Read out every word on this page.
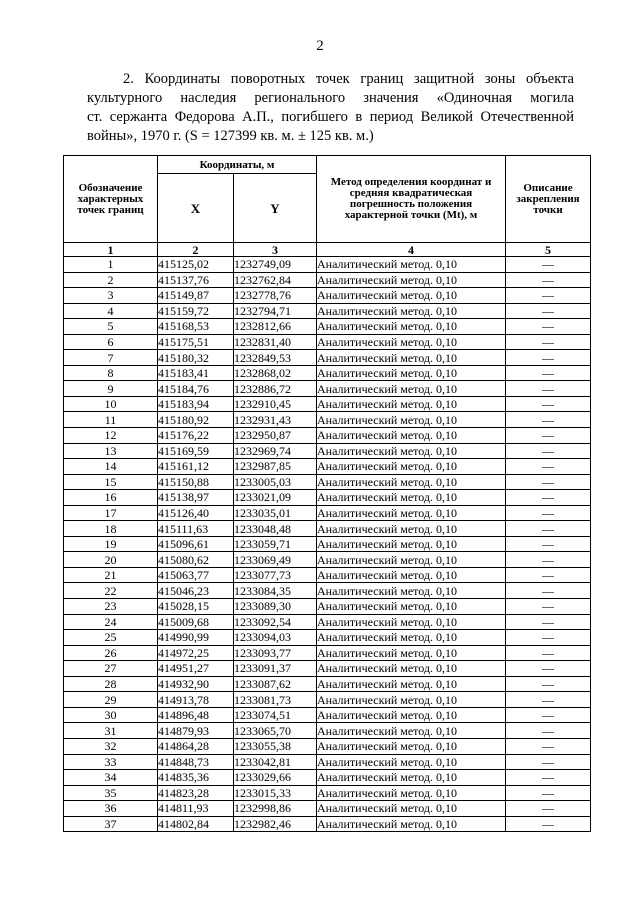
2
2. Координаты поворотных точек границ защитной зоны объекта
культурного наследия регионального значения «Одиночная могила
ст. сержанта Федорова А.П., погибшего в период Великой Отечественной
войны», 1970 г. (S = 127399 кв. м. ± 125 кв. м.)
Обозначение характерных точек границ	Координаты, м		Метод определения координат и средняя квадратическая погрешность положения характерной точки (Mt), м	Описание закрепления точки
	X	Y		
1	2	3	4	5
1	415125,02	1232749,09	Аналитический метод. 0,10	—
2	415137,76	1232762,84	Аналитический метод. 0,10	—
3	415149,87	1232778,76	Аналитический метод. 0,10	—
4	415159,72	1232794,71	Аналитический метод. 0,10	—
5	415168,53	1232812,66	Аналитический метод. 0,10	—
6	415175,51	1232831,40	Аналитический метод. 0,10	—
7	415180,32	1232849,53	Аналитический метод. 0,10	—
8	415183,41	1232868,02	Аналитический метод. 0,10	—
9	415184,76	1232886,72	Аналитический метод. 0,10	—
10	415183,94	1232910,45	Аналитический метод. 0,10	—
11	415180,92	1232931,43	Аналитический метод. 0,10	—
12	415176,22	1232950,87	Аналитический метод. 0,10	—
13	415169,59	1232969,74	Аналитический метод. 0,10	—
14	415161,12	1232987,85	Аналитический метод. 0,10	—
15	415150,88	1233005,03	Аналитический метод. 0,10	—
16	415138,97	1233021,09	Аналитический метод. 0,10	—
17	415126,40	1233035,01	Аналитический метод. 0,10	—
18	415111,63	1233048,48	Аналитический метод. 0,10	—
19	415096,61	1233059,71	Аналитический метод. 0,10	—
20	415080,62	1233069,49	Аналитический метод. 0,10	—
21	415063,77	1233077,73	Аналитический метод. 0,10	—
22	415046,23	1233084,35	Аналитический метод. 0,10	—
23	415028,15	1233089,30	Аналитический метод. 0,10	—
24	415009,68	1233092,54	Аналитический метод. 0,10	—
25	414990,99	1233094,03	Аналитический метод. 0,10	—
26	414972,25	1233093,77	Аналитический метод. 0,10	—
27	414951,27	1233091,37	Аналитический метод. 0,10	—
28	414932,90	1233087,62	Аналитический метод. 0,10	—
29	414913,78	1233081,73	Аналитический метод. 0,10	—
30	414896,48	1233074,51	Аналитический метод. 0,10	—
31	414879,93	1233065,70	Аналитический метод. 0,10	—
32	414864,28	1233055,38	Аналитический метод. 0,10	—
33	414848,73	1233042,81	Аналитический метод. 0,10	—
34	414835,36	1233029,66	Аналитический метод. 0,10	—
35	414823,28	1233015,33	Аналитический метод. 0,10	—
36	414811,93	1232998,86	Аналитический метод. 0,10	—
37	414802,84	1232982,46	Аналитический метод. 0,10	—
